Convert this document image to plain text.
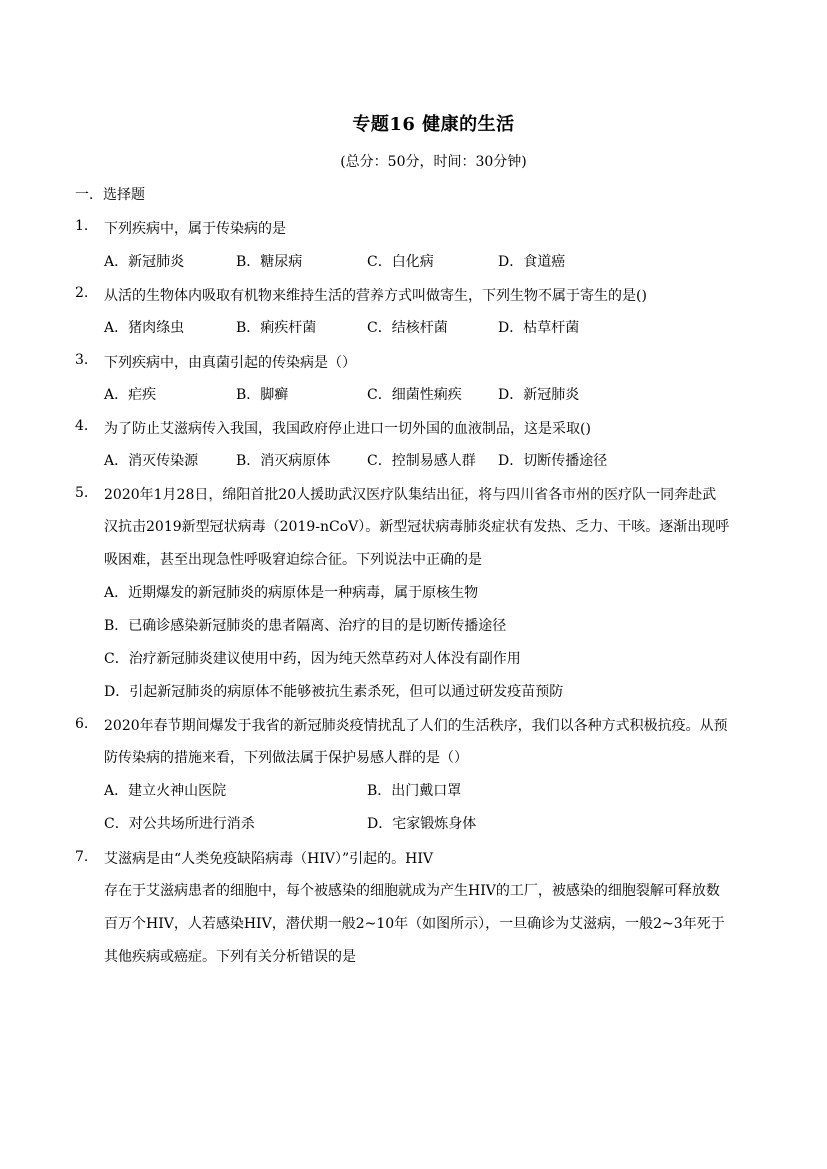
专题16 健康的生活
(总分：50分，时间：30分钟)
一．选择题
1. 下列疾病中，属于传染病的是
A．新冠肺炎	B．糖尿病	C．白化病	D．食道癌
2. 从活的生物体内吸取有机物来维持生活的营养方式叫做寄生，下列生物不属于寄生的是()
A．猪肉绦虫	B．痢疾杆菌	C．结核杆菌	D．枯草杆菌
3. 下列疾病中，由真菌引起的传染病是（）
A．疟疾	B．脚癣	C．细菌性痢疾	D．新冠肺炎
4. 为了防止艾滋病传入我国，我国政府停止进口一切外国的血液制品，这是采取()
A．消灭传染源	B．消灭病原体	C．控制易感人群 D．切断传播途径
5. 2020年1月28日，绵阳首批20人援助武汉医疗队集结出征，将与四川省各市州的医疗队一同奔赴武
汉抗击2019新型冠状病毒（2019-nCoV）。新型冠状病毒肺炎症状有发热、乏力、干咳。逐渐出现呼
吸困难，甚至出现急性呼吸窘迫综合征。下列说法中正确的是
A．近期爆发的新冠肺炎的病原体是一种病毒，属于原核生物
B．已确诊感染新冠肺炎的患者隔离、治疗的目的是切断传播途径
C．治疗新冠肺炎建议使用中药，因为纯天然草药对人体没有副作用
D．引起新冠肺炎的病原体不能够被抗生素杀死，但可以通过研发疫苗预防
6. 2020年春节期间爆发于我省的新冠肺炎疫情扰乱了人们的生活秩序，我们以各种方式积极抗疫。从预
防传染病的措施来看，下列做法属于保护易感人群的是（）
A．建立火神山医院	B．出门戴口罩
C．对公共场所进行消杀	D．宅家锻炼身体
7. 艾滋病是由“人类免疫缺陷病毒（HIV）”引起的。HIV
存在于艾滋病患者的细胞中，每个被感染的细胞就成为产生HIV的工厂，被感染的细胞裂解可释放数
百万个HIV，人若感染HIV，潜伏期一般2~10年（如图所示），一旦确诊为艾滋病，一般2~3年死于
其他疾病或癌症。下列有关分析错误的是
